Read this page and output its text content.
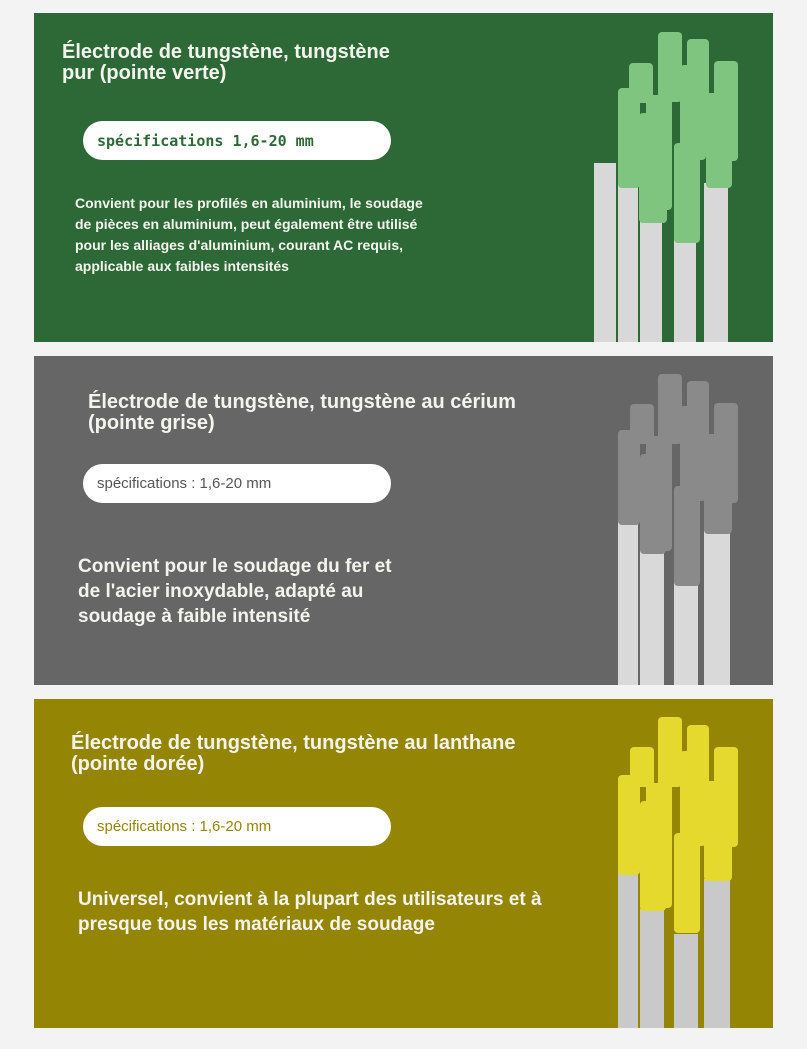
Électrode de tungstène, tungstène
pur (pointe verte)
spécifications 1,6-20 mm

Convient pour les profilés en aluminium, le soudage
de pièces en aluminium, peut également être utilisé
pour les alliages d'aluminium, courant AC requis,
applicable aux faibles intensités

Électrode de tungstène, tungstène au cérium
(pointe grise)
spécifications : 1,6-20 mm

Convient pour le soudage du fer et
de l'acier inoxydable, adapté au
soudage à faible intensité

Électrode de tungstène, tungstène au lanthane
(pointe dorée)
spécifications : 1,6-20 mm

Universel, convient à la plupart des utilisateurs et à
presque tous les matériaux de soudage
